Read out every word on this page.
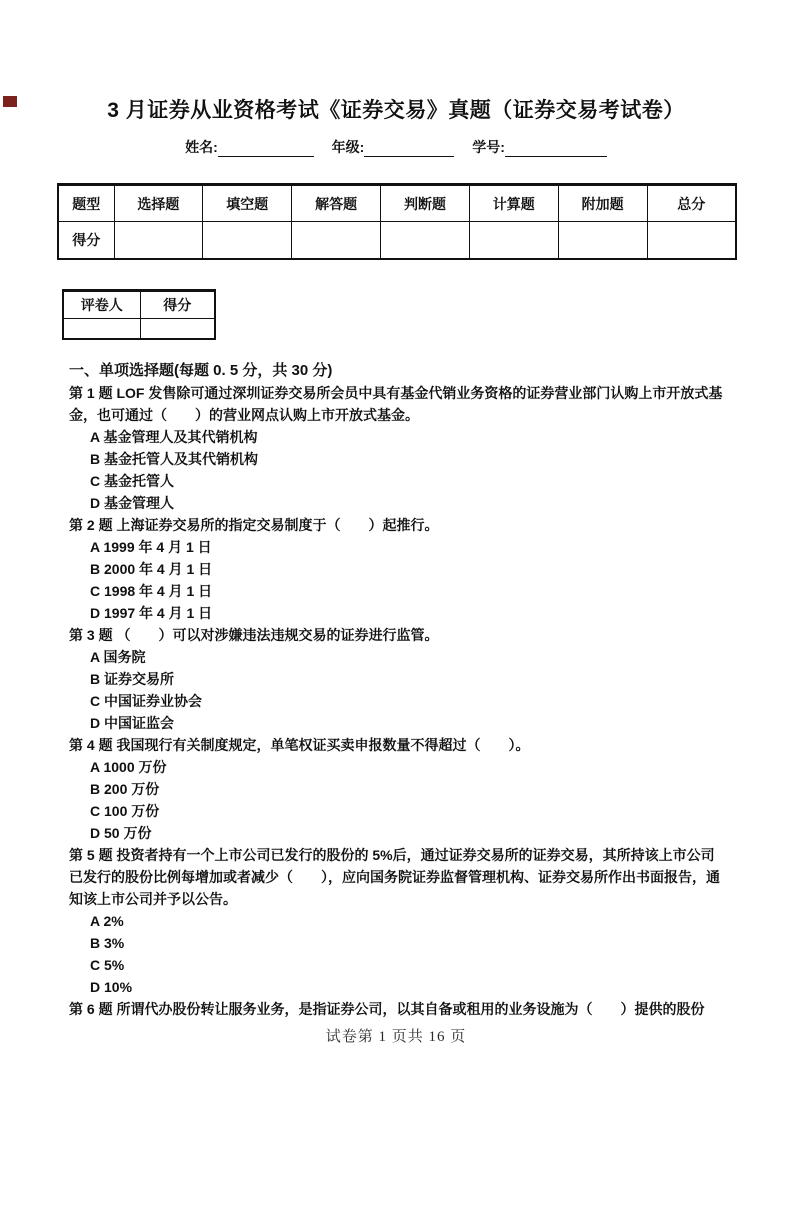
3 月证券从业资格考试《证券交易》真题（证券交易考试卷）
姓名:	年级:	学号:
题型	选择题	填空题	解答题	判断题	计算题	附加题	总分
得分							
评卷人	得分

一、单项选择题(每题 0. 5 分，共 30 分)
第 1 题 LOF 发售除可通过深圳证券交易所会员中具有基金代销业务资格的证券营业部门认购上市开放式基金，也可通过（　　）的营业网点认购上市开放式基金。
A 基金管理人及其代销机构
B 基金托管人及其代销机构
C 基金托管人
D 基金管理人
第 2 题 上海证券交易所的指定交易制度于（　　）起推行。
A 1999 年 4 月 1 日
B 2000 年 4 月 1 日
C 1998 年 4 月 1 日
D 1997 年 4 月 1 日
第 3 题 （　　）可以对涉嫌违法违规交易的证券进行监管。
A 国务院
B 证券交易所
C 中国证券业协会
D 中国证监会
第 4 题 我国现行有关制度规定，单笔权证买卖申报数量不得超过（　　）。
A 1000 万份
B 200 万份
C 100 万份
D 50 万份
第 5 题 投资者持有一个上市公司已发行的股份的 5%后，通过证券交易所的证券交易，其所持该上市公司已发行的股份比例每增加或者减少（　　），应向国务院证券监督管理机构、证券交易所作出书面报告，通知该上市公司并予以公告。
A 2%
B 3%
C 5%
D 10%
第 6 题 所谓代办股份转让服务业务，是指证券公司，以其自备或租用的业务设施为（　　）提供的股份
试卷第 1 页共 16 页
